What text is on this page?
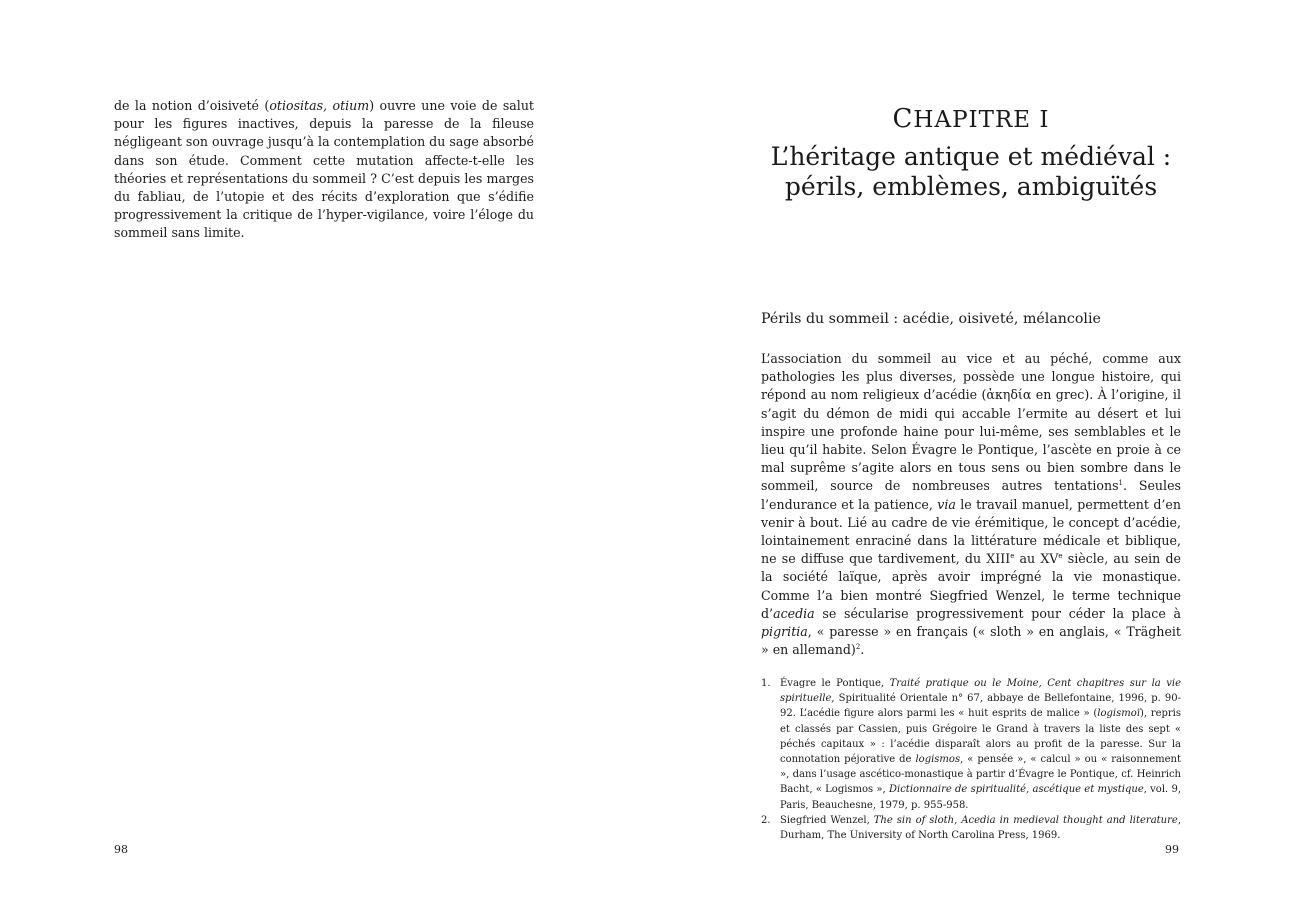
de la notion d’oisiveté (otiositas, otium) ouvre une voie de salut pour les figures inactives, depuis la paresse de la fileuse négligeant son ouvrage jusqu’à la contemplation du sage absorbé dans son étude. Comment cette mutation affecte-t-elle les théories et représentations du sommeil ? C’est depuis les marges du fabliau, de l’utopie et des récits d’exploration que s’édifie progressivement la critique de l’hyper-vigilance, voire l’éloge du sommeil sans limite.

98
CHAPITRE I
L’héritage antique et médiéval :
périls, emblèmes, ambiguïtés
Périls du sommeil : acédie, oisiveté, mélancolie

L’association du sommeil au vice et au péché, comme aux pathologies les plus diverses, possède une longue histoire, qui répond au nom religieux d’acédie (ἀκηδία en grec). À l’origine, il s’agit du démon de midi qui accable l’ermite au désert et lui inspire une profonde haine pour lui-même, ses semblables et le lieu qu’il habite. Selon Évagre le Pontique, l’ascète en proie à ce mal suprême s’agite alors en tous sens ou bien sombre dans le sommeil, source de nombreuses autres tentations$^1$. Seules l’endurance et la patience, via le travail manuel, permettent d’en venir à bout. Lié au cadre de vie érémitique, le concept d’acédie, lointainement enraciné dans la littérature médicale et biblique, ne se diffuse que tardivement, du XIIIe au XVe siècle, au sein de la société laïque, après avoir imprégné la vie monastique. Comme l’a bien montré Siegfried Wenzel, le terme technique d’acedia se sécularise progressivement pour céder la place à pigritia, « paresse » en français (« sloth » en anglais, « Trägheit » en allemand)$^2$.

1. Évagre le Pontique, Traité pratique ou le Moine, Cent chapitres sur la vie spirituelle, Spiritualité Orientale n° 67, abbaye de Bellefontaine, 1996, p. 90-92. L’acédie figure alors parmi les « huit esprits de malice » (logismoï), repris et classés par Cassien, puis Grégoire le Grand à travers la liste des sept « péchés capitaux » : l’acédie disparaît alors au profit de la paresse. Sur la connotation péjorative de logismos, « pensée », « calcul » ou « raisonnement », dans l’usage ascético-monastique à partir d’Évagre le Pontique, cf. Heinrich Bacht, « Logismos », Dictionnaire de spiritualité, ascétique et mystique, vol. 9, Paris, Beauchesne, 1979, p. 955-958.
2. Siegfried Wenzel, The sin of sloth, Acedia in medieval thought and literature, Durham, The University of North Carolina Press, 1969.
99
